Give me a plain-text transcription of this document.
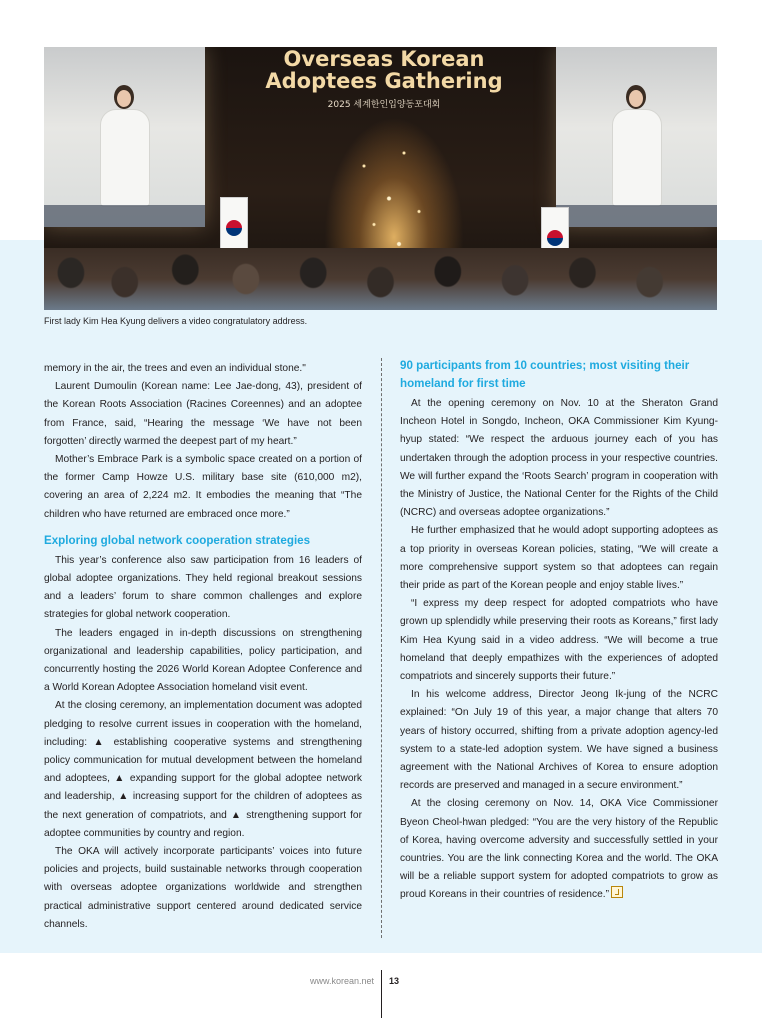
Overseas Korean
Adoptees Gathering
2025 세계한인입양동포대회
First lady Kim Hea Kyung delivers a video congratulatory address.

memory in the air, the trees and even an individual stone."

Laurent Dumoulin (Korean name: Lee Jae-dong, 43), president of the Korean Roots Association (Racines Coreennes) and an adoptee from France, said, “Hearing the message ‘We have not been forgotten’ directly warmed the deepest part of my heart.”

Mother’s Embrace Park is a symbolic space created on a portion of the former Camp Howze U.S. military base site (610,000 m2), covering an area of 2,224 m2. It embodies the meaning that “The children who have returned are embraced once more.”

Exploring global network cooperation strategies

This year’s conference also saw participation from 16 leaders of global adoptee organizations. They held regional breakout sessions and a leaders’ forum to share common challenges and explore strategies for global network cooperation.

The leaders engaged in in-depth discussions on strengthening organizational and leadership capabilities, policy participation, and concurrently hosting the 2026 World Korean Adoptee Conference and a World Korean Adoptee Association homeland visit event.

At the closing ceremony, an implementation document was adopted pledging to resolve current issues in cooperation with the homeland, including: ▲ establishing cooperative systems and strengthening policy communication for mutual development between the homeland and adoptees, ▲ expanding support for the global adoptee network and leadership, ▲ increasing support for the children of adoptees as the next generation of compatriots, and ▲ strengthening support for adoptee communities by country and region.

The OKA will actively incorporate participants’ voices into future policies and projects, build sustainable networks through cooperation with overseas adoptee organizations worldwide and strengthen practical administrative support centered around dedicated service channels.

90 participants from 10 countries; most visiting their homeland for first time

At the opening ceremony on Nov. 10 at the Sheraton Grand Incheon Hotel in Songdo, Incheon, OKA Commissioner Kim Kyung-hyup stated: “We respect the arduous journey each of you has undertaken through the adoption process in your respective countries. We will further expand the ‘Roots Search’ program in cooperation with the Ministry of Justice, the National Center for the Rights of the Child (NCRC) and overseas adoptee organizations.”

He further emphasized that he would adopt supporting adoptees as a top priority in overseas Korean policies, stating, “We will create a more comprehensive support system so that adoptees can regain their pride as part of the Korean people and enjoy stable lives.”

“I express my deep respect for adopted compatriots who have grown up splendidly while preserving their roots as Koreans,” first lady Kim Hea Kyung said in a video address. “We will become a true homeland that deeply empathizes with the experiences of adopted compatriots and sincerely supports their future.”

In his welcome address, Director Jeong Ik-jung of the NCRC explained: “On July 19 of this year, a major change that alters 70 years of history occurred, shifting from a private adoption agency-led system to a state-led adoption system. We have signed a business agreement with the National Archives of Korea to ensure adoption records are preserved and managed in a secure environment.”

At the closing ceremony on Nov. 14, OKA Vice Commissioner Byeon Cheol-hwan pledged: “You are the very history of the Republic of Korea, having overcome adversity and successfully settled in your countries. You are the link connecting Korea and the world. The OKA will be a reliable support system for adopted compatriots to grow as proud Koreans in their countries of residence.”

www.korean.net 13
